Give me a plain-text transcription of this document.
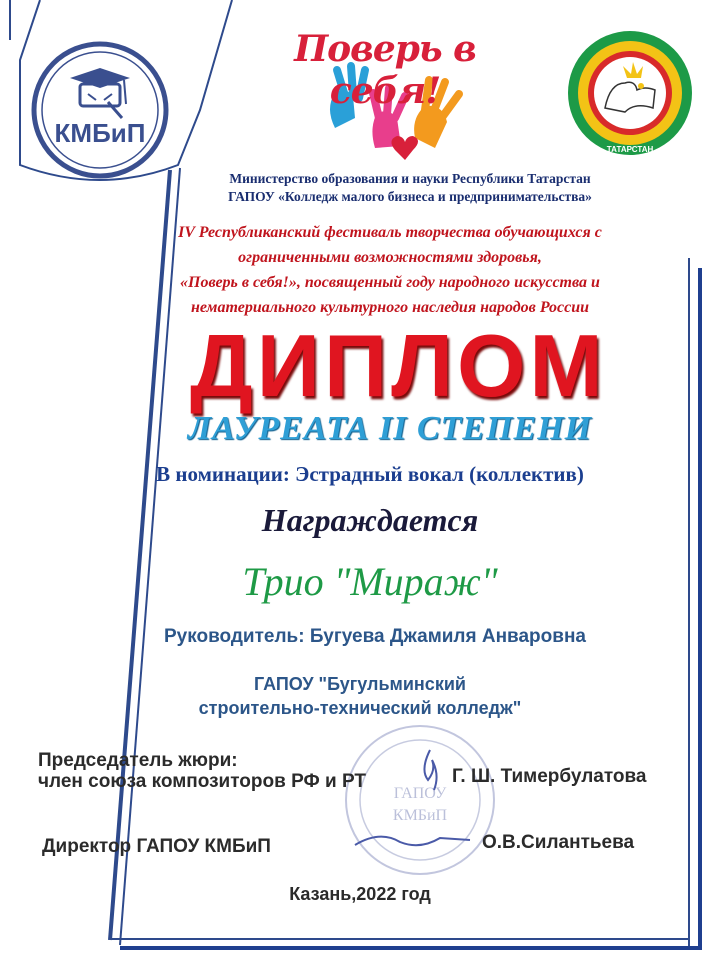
КМБиП
Поверь в себя!
ТАТАРСТАН
Министерство образования и науки Республики Татарстан
ГАПОУ «Колледж малого бизнеса и предпринимательства»
IV Республиканский фестиваль творчества обучающихся с
ограниченными возможностями здоровья,
«Поверь в себя!», посвященный году народного искусства и
нематериального культурного наследия народов России
ДИПЛОМ
ЛАУРЕАТА II СТЕПЕНИ
В номинации: Эстрадный вокал (коллектив)
Награждается
Трио "Мираж"
Руководитель: Бугуева Джамиля Анваровна
ГАПОУ "Бугульминский
строительно-технический колледж"
ГАПОУ
КМБиП
Председатель жюри:
член союза композиторов РФ и РТ	Г. Ш. Тимербулатова
Директор ГАПОУ КМБиП	О.В.Силантьева
Казань,2022 год
